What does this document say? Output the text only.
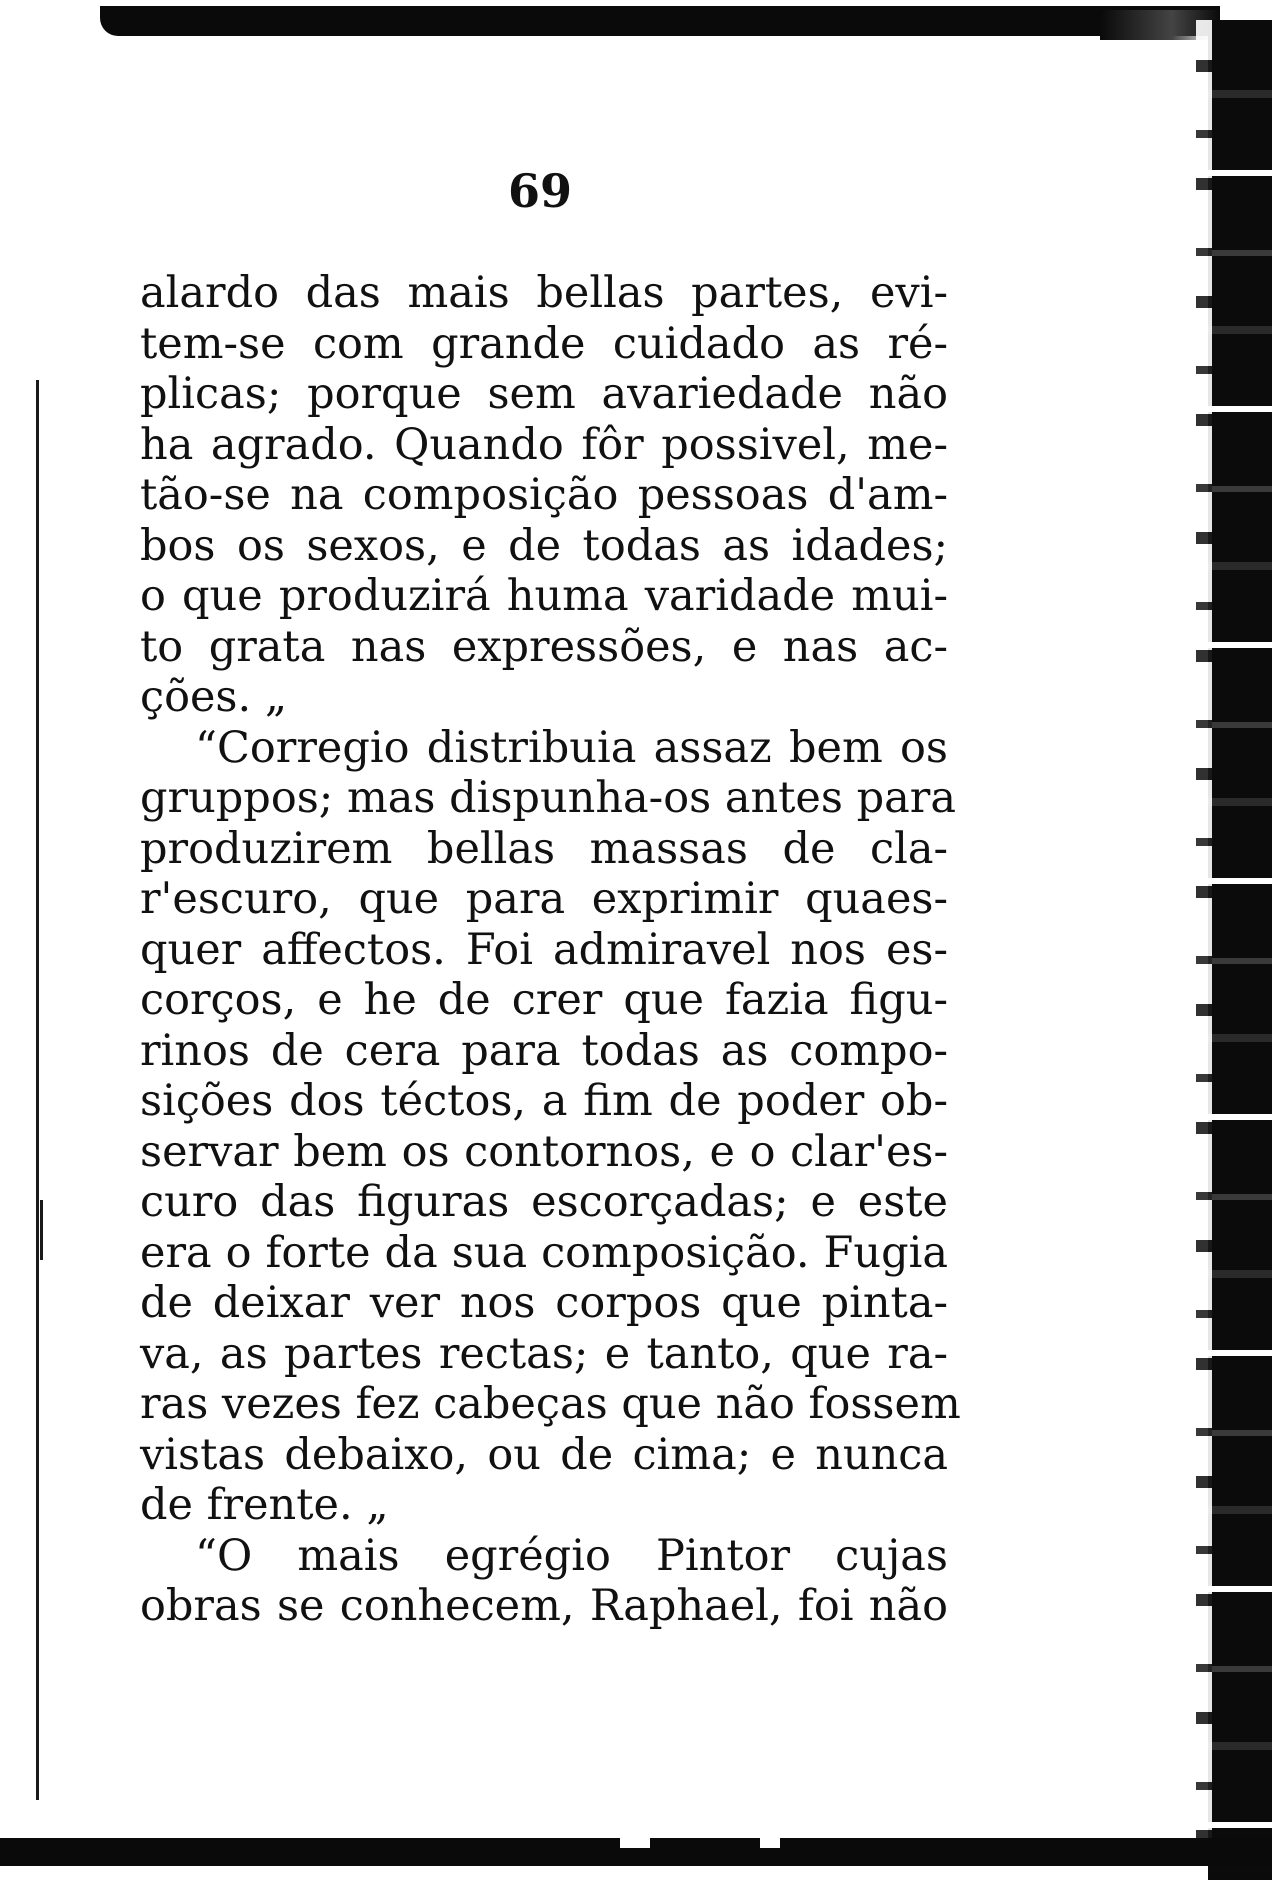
69
alardo das mais bellas partes, evi-
tem-se com grande cuidado as ré-
plicas; porque sem avariedade não
ha agrado. Quando fôr possivel, me-
tão-se na composição pessoas d'am-
bos os sexos, e de todas as idades;
o que produzirá huma varidade mui-
to grata nas expressões, e nas ac-
ções. „
“Corregio distribuia assaz bem os
gruppos; mas dispunha-os antes para
produzirem bellas massas de cla-
r'escuro, que para exprimir quaes-
quer affectos. Foi admiravel nos es-
corços, e he de crer que fazia figu-
rinos de cera para todas as compo-
sições dos téctos, a fim de poder ob-
servar bem os contornos, e o clar'es-
curo das figuras escorçadas; e este
era o forte da sua composição. Fugia
de deixar ver nos corpos que pinta-
va, as partes rectas; e tanto, que ra-
ras vezes fez cabeças que não fossem
vistas debaixo, ou de cima; e nunca
de frente. „
“O mais egrégio Pintor cujas
obras se conhecem, Raphael, foi não
